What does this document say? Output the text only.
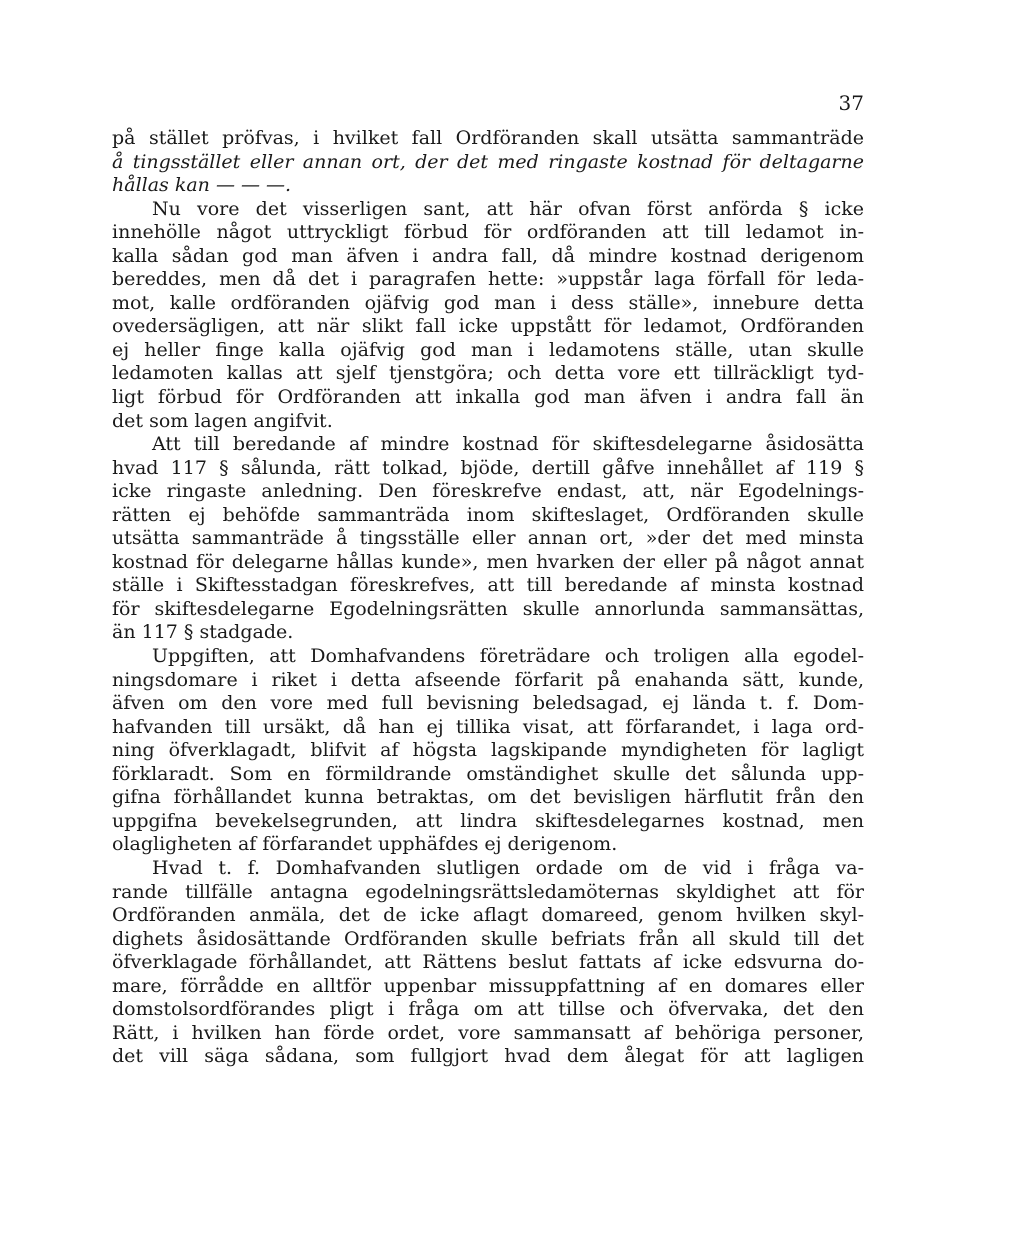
37
på stället pröfvas, i hvilket fall Ordföranden skall utsätta sammanträde
å tingsstället eller annan ort, der det med ringaste kostnad för deltagarne
hållas kan — — —.
Nu vore det visserligen sant, att här ofvan först anförda § icke
innehölle något uttryckligt förbud för ordföranden att till ledamot in-
kalla sådan god man äfven i andra fall, då mindre kostnad derigenom
bereddes, men då det i paragrafen hette: »uppstår laga förfall för leda-
mot, kalle ordföranden ojäfvig god man i dess ställe», innebure detta
ovedersägligen, att när slikt fall icke uppstått för ledamot, Ordföranden
ej heller finge kalla ojäfvig god man i ledamotens ställe, utan skulle
ledamoten kallas att sjelf tjenstgöra; och detta vore ett tillräckligt tyd-
ligt förbud för Ordföranden att inkalla god man äfven i andra fall än
det som lagen angifvit.
Att till beredande af mindre kostnad för skiftesdelegarne åsidosätta
hvad 117 § sålunda, rätt tolkad, bjöde, dertill gåfve innehållet af 119 §
icke ringaste anledning. Den föreskrefve endast, att, när Egodelnings-
rätten ej behöfde sammanträda inom skifteslaget, Ordföranden skulle
utsätta sammanträde å tingsställe eller annan ort, »der det med minsta
kostnad för delegarne hållas kunde», men hvarken der eller på något annat
ställe i Skiftesstadgan föreskrefves, att till beredande af minsta kostnad
för skiftesdelegarne Egodelningsrätten skulle annorlunda sammansättas,
än 117 § stadgade.
Uppgiften, att Domhafvandens företrädare och troligen alla egodel-
ningsdomare i riket i detta afseende förfarit på enahanda sätt, kunde,
äfven om den vore med full bevisning beledsagad, ej lända t. f. Dom-
hafvanden till ursäkt, då han ej tillika visat, att förfarandet, i laga ord-
ning öfverklagadt, blifvit af högsta lagskipande myndigheten för lagligt
förklaradt. Som en förmildrande omständighet skulle det sålunda upp-
gifna förhållandet kunna betraktas, om det bevisligen härflutit från den
uppgifna bevekelsegrunden, att lindra skiftesdelegarnes kostnad, men
olagligheten af förfarandet upphäfdes ej derigenom.
Hvad t. f. Domhafvanden slutligen ordade om de vid i fråga va-
rande tillfälle antagna egodelningsrättsledamöternas skyldighet att för
Ordföranden anmäla, det de icke aflagt domareed, genom hvilken skyl-
dighets åsidosättande Ordföranden skulle befriats från all skuld till det
öfverklagade förhållandet, att Rättens beslut fattats af icke edsvurna do-
mare, förrådde en alltför uppenbar missuppfattning af en domares eller
domstolsordförandes pligt i fråga om att tillse och öfvervaka, det den
Rätt, i hvilken han förde ordet, vore sammansatt af behöriga personer,
det vill säga sådana, som fullgjort hvad dem ålegat för att lagligen
